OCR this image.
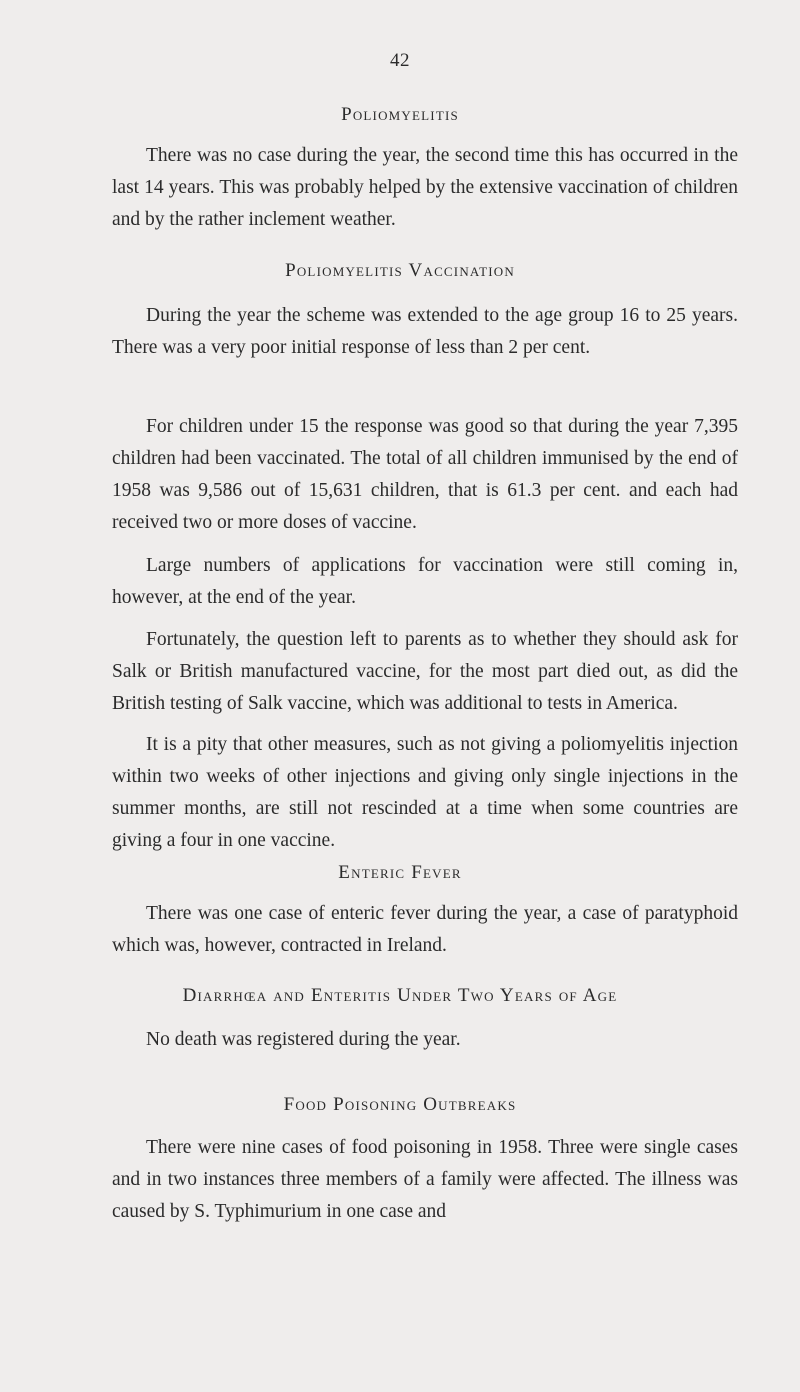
42
Poliomyelitis

There was no case during the year, the second time this has occurred in the last 14 years. This was probably helped by the extensive vaccination of children and by the rather inclement weather.

Poliomyelitis Vaccination

During the year the scheme was extended to the age group 16 to 25 years. There was a very poor initial response of less than 2 per cent.

For children under 15 the response was good so that during the year 7,395 children had been vaccinated. The total of all children immunised by the end of 1958 was 9,586 out of 15,631 children, that is 61.3 per cent. and each had received two or more doses of vaccine.

Large numbers of applications for vaccination were still coming in, however, at the end of the year.

Fortunately, the question left to parents as to whether they should ask for Salk or British manufactured vaccine, for the most part died out, as did the British testing of Salk vaccine, which was additional to tests in America.

It is a pity that other measures, such as not giving a poliomyelitis injection within two weeks of other injections and giving only single injections in the summer months, are still not rescinded at a time when some countries are giving a four in one vaccine.

Enteric Fever

There was one case of enteric fever during the year, a case of paratyphoid which was, however, contracted in Ireland.

Diarrhœa and Enteritis Under Two Years of Age

No death was registered during the year.

Food Poisoning Outbreaks

There were nine cases of food poisoning in 1958. Three were single cases and in two instances three members of a family were affected. The illness was caused by S. Typhimurium in one case and
